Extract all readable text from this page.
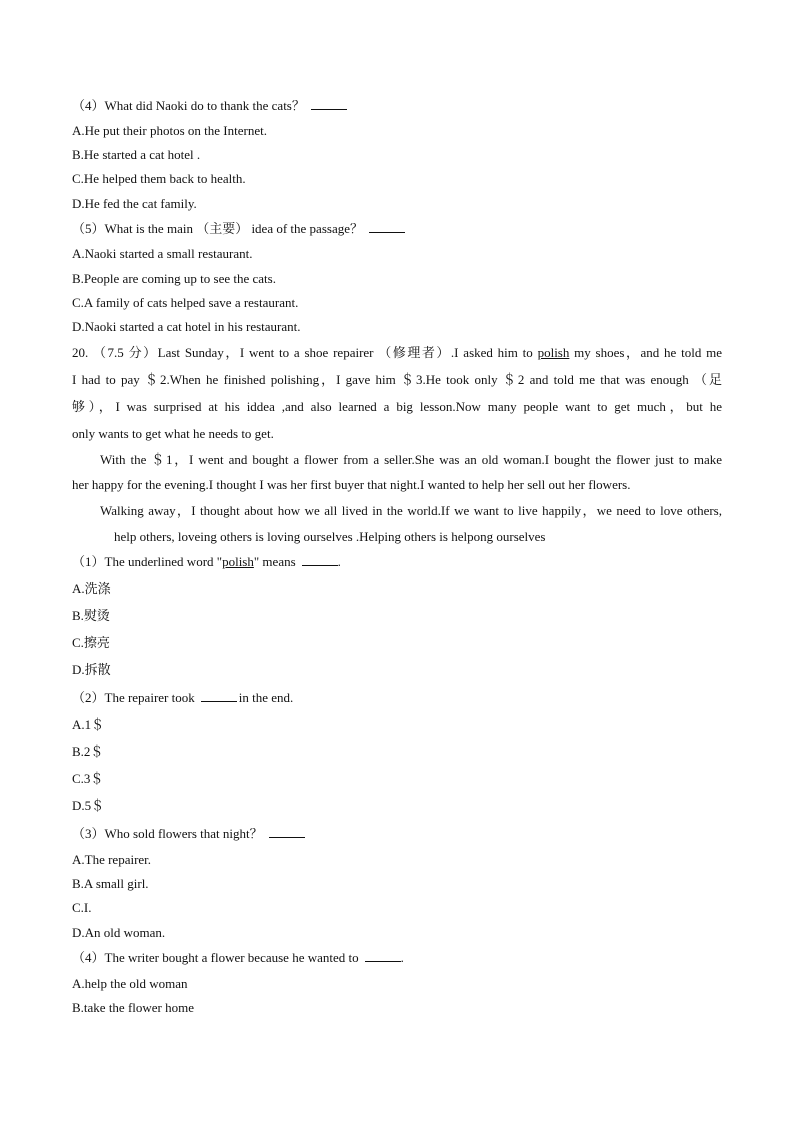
（4）What did Naoki do to thank the cats？
A.He put their photos on the Internet.
B.He started a cat hotel .
C.He helped them back to health.
D.He fed the cat family.
（5）What is the main （主要） idea of the passage？
A.Naoki started a small restaurant.
B.People are coming up to see the cats.
C.A family of cats helped save a restaurant.
D.Naoki started a cat hotel in his restaurant.
20. （7.5 分）Last Sunday，I went to a shoe repairer （修理者）.I asked him to polish my shoes，and he told me
I had to pay ＄2.When he finished polishing，I gave him ＄3.He took only ＄2 and told me that was enough （足
够），I was surprised at his iddea ,and also learned a big lesson.Now many people want to get much，but he
only wants to get what he needs to get.
With the ＄1，I went and bought a flower from a seller.She was an old woman.I bought the flower just to make
her happy for the evening.I thought I was her first buyer that night.I wanted to help her sell out her flowers.
Walking away，I thought about how we all lived in the world.If we want to live happily，we need to love others,
help others, loveing others is loving ourselves .Helping others is helpong ourselves
（1）The underlined word "polish" means	.
A.洗涤
B.熨烫
C.擦亮
D.拆散
（2）The repairer took	in the end.
A.1＄
B.2＄
C.3＄
D.5＄
（3）Who sold flowers that night？
A.The repairer.
B.A small girl.
C.I.
D.An old woman.
（4）The writer bought a flower because he wanted to	.
A.help the old woman
B.take the flower home
